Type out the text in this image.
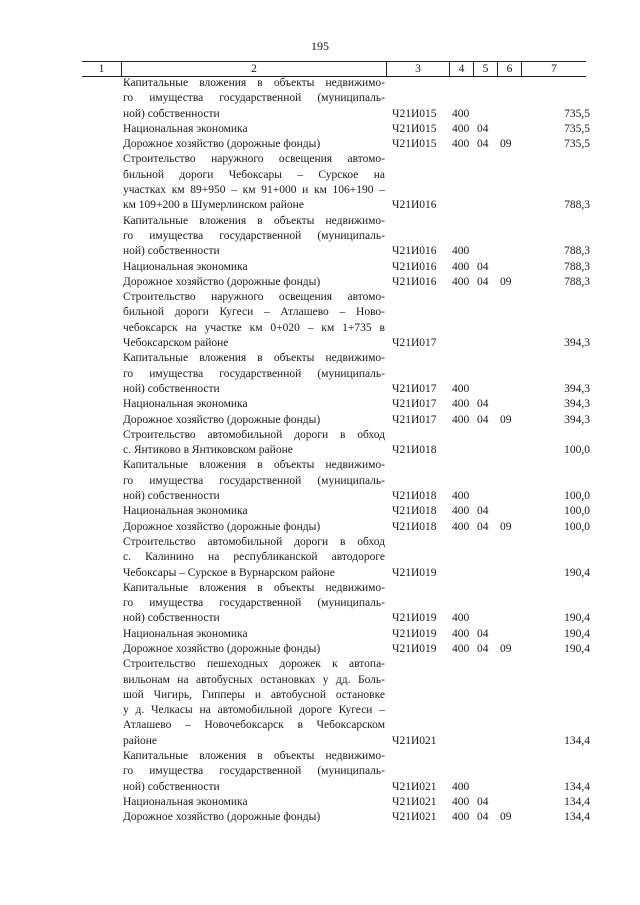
195
1	2	3	4	5	6	7
Капитальные вложения в объекты недвижимо-
го имущества государственной (муниципаль-
ной) собственности	Ч21И015 400	735,5
Национальная экономика	Ч21И015 400 04	735,5
Дорожное хозяйство (дорожные фонды)	Ч21И015 400 04 09	735,5
Строительство наружного освещения автомо-
бильной дороги Чебоксары – Сурское на
участках км 89+950 – км 91+000 и км 106+190 –
км 109+200 в Шумерлинском районе	Ч21И016	788,3
Капитальные вложения в объекты недвижимо-
го имущества государственной (муниципаль-
ной) собственности	Ч21И016 400	788,3
Национальная экономика	Ч21И016 400 04	788,3
Дорожное хозяйство (дорожные фонды)	Ч21И016 400 04 09	788,3
Строительство наружного освещения автомо-
бильной дороги Кугеси – Атлашево – Ново-
чебоксарск на участке км 0+020 – км 1+735 в
Чебоксарском районе	Ч21И017	394,3
Капитальные вложения в объекты недвижимо-
го имущества государственной (муниципаль-
ной) собственности	Ч21И017 400	394,3
Национальная экономика	Ч21И017 400 04	394,3
Дорожное хозяйство (дорожные фонды)	Ч21И017 400 04 09	394,3
Строительство автомобильной дороги в обход
с. Янтиково в Янтиковском районе	Ч21И018	100,0
Капитальные вложения в объекты недвижимо-
го имущества государственной (муниципаль-
ной) собственности	Ч21И018 400	100,0
Национальная экономика	Ч21И018 400 04	100,0
Дорожное хозяйство (дорожные фонды)	Ч21И018 400 04 09	100,0
Строительство автомобильной дороги в обход
с. Калинино на республиканской автодороге
Чебоксары – Сурское в Вурнарском районе	Ч21И019	190,4
Капитальные вложения в объекты недвижимо-
го имущества государственной (муниципаль-
ной) собственности	Ч21И019 400	190,4
Национальная экономика	Ч21И019 400 04	190,4
Дорожное хозяйство (дорожные фонды)	Ч21И019 400 04 09	190,4
Строительство пешеходных дорожек к автопа-
вильонам на автобусных остановках у дд. Боль-
шой Чигирь, Гипперы и автобусной остановке
у д. Челкасы на автомобильной дороге Кугеси –
Атлашево – Новочебоксарск в Чебоксарском
районе	Ч21И021	134,4
Капитальные вложения в объекты недвижимо-
го имущества государственной (муниципаль-
ной) собственности	Ч21И021 400	134,4
Национальная экономика	Ч21И021 400 04	134,4
Дорожное хозяйство (дорожные фонды)	Ч21И021 400 04 09	134,4
